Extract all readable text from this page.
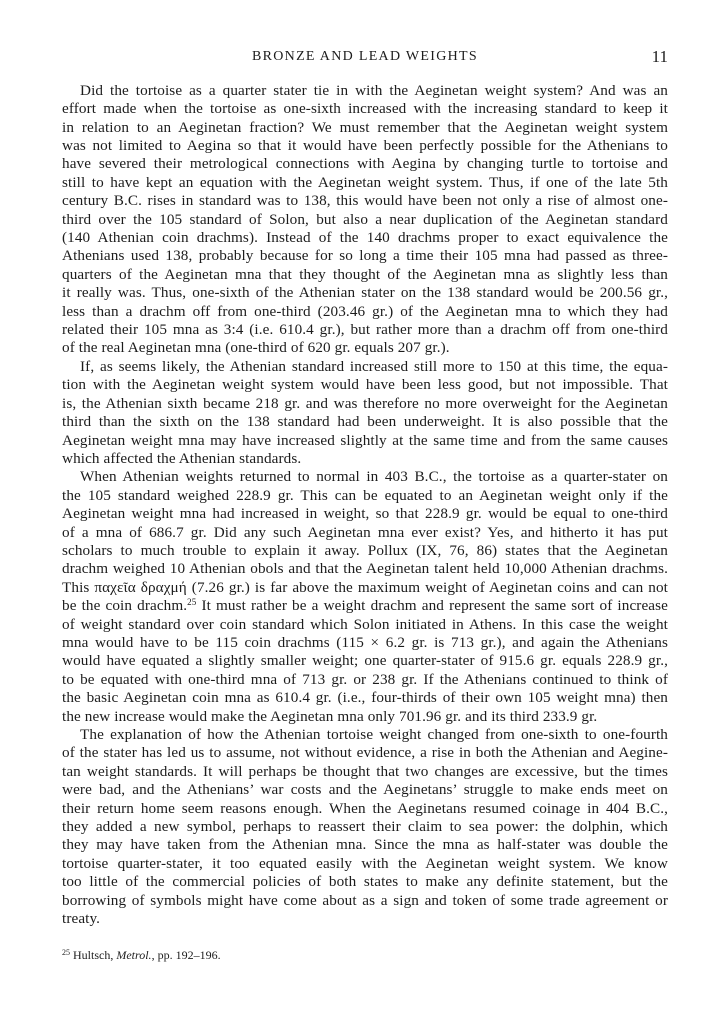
BRONZE AND LEAD WEIGHTS	11
Did the tortoise as a quarter stater tie in with the Aeginetan weight system? And was an
effort made when the tortoise as one-sixth increased with the increasing standard to keep it
in relation to an Aeginetan fraction? We must remember that the Aeginetan weight system
was not limited to Aegina so that it would have been perfectly possible for the Athenians to
have severed their metrological connections with Aegina by changing turtle to tortoise and
still to have kept an equation with the Aeginetan weight system. Thus, if one of the late 5th
century B.C. rises in standard was to 138, this would have been not only a rise of almost one-
third over the 105 standard of Solon, but also a near duplication of the Aeginetan standard
(140 Athenian coin drachms). Instead of the 140 drachms proper to exact equivalence the
Athenians used 138, probably because for so long a time their 105 mna had passed as three-
quarters of the Aeginetan mna that they thought of the Aeginetan mna as slightly less than
it really was. Thus, one-sixth of the Athenian stater on the 138 standard would be 200.56 gr.,
less than a drachm off from one-third (203.46 gr.) of the Aeginetan mna to which they had
related their 105 mna as 3:4 (i.e. 610.4 gr.), but rather more than a drachm off from one-third
of the real Aeginetan mna (one-third of 620 gr. equals 207 gr.).
If, as seems likely, the Athenian standard increased still more to 150 at this time, the equa-
tion with the Aeginetan weight system would have been less good, but not impossible. That
is, the Athenian sixth became 218 gr. and was therefore no more overweight for the Aeginetan
third than the sixth on the 138 standard had been underweight. It is also possible that the
Aeginetan weight mna may have increased slightly at the same time and from the same causes
which affected the Athenian standards.
When Athenian weights returned to normal in 403 B.C., the tortoise as a quarter-stater on
the 105 standard weighed 228.9 gr. This can be equated to an Aeginetan weight only if the
Aeginetan weight mna had increased in weight, so that 228.9 gr. would be equal to one-third
of a mna of 686.7 gr. Did any such Aeginetan mna ever exist? Yes, and hitherto it has put
scholars to much trouble to explain it away. Pollux (IX, 76, 86) states that the Aeginetan
drachm weighed 10 Athenian obols and that the Aeginetan talent held 10,000 Athenian drachms.
This παχεῖα δραχμή (7.26 gr.) is far above the maximum weight of Aeginetan coins and can not
be the coin drachm.$^{25}$ It must rather be a weight drachm and represent the same sort of increase
of weight standard over coin standard which Solon initiated in Athens. In this case the weight
mna would have to be 115 coin drachms (115 × 6.2 gr. is 713 gr.), and again the Athenians
would have equated a slightly smaller weight; one quarter-stater of 915.6 gr. equals 228.9 gr.,
to be equated with one-third mna of 713 gr. or 238 gr. If the Athenians continued to think of
the basic Aeginetan coin mna as 610.4 gr. (i.e., four-thirds of their own 105 weight mna) then
the new increase would make the Aeginetan mna only 701.96 gr. and its third 233.9 gr.
The explanation of how the Athenian tortoise weight changed from one-sixth to one-fourth
of the stater has led us to assume, not without evidence, a rise in both the Athenian and Aegine-
tan weight standards. It will perhaps be thought that two changes are excessive, but the times
were bad, and the Athenians’ war costs and the Aeginetans’ struggle to make ends meet on
their return home seem reasons enough. When the Aeginetans resumed coinage in 404 B.C.,
they added a new symbol, perhaps to reassert their claim to sea power: the dolphin, which
they may have taken from the Athenian mna. Since the mna as half-stater was double the
tortoise quarter-stater, it too equated easily with the Aeginetan weight system. We know
too little of the commercial policies of both states to make any definite statement, but the
borrowing of symbols might have come about as a sign and token of some trade agreement or
treaty.
$^{25}$ Hultsch, Metrol., pp. 192–196.
